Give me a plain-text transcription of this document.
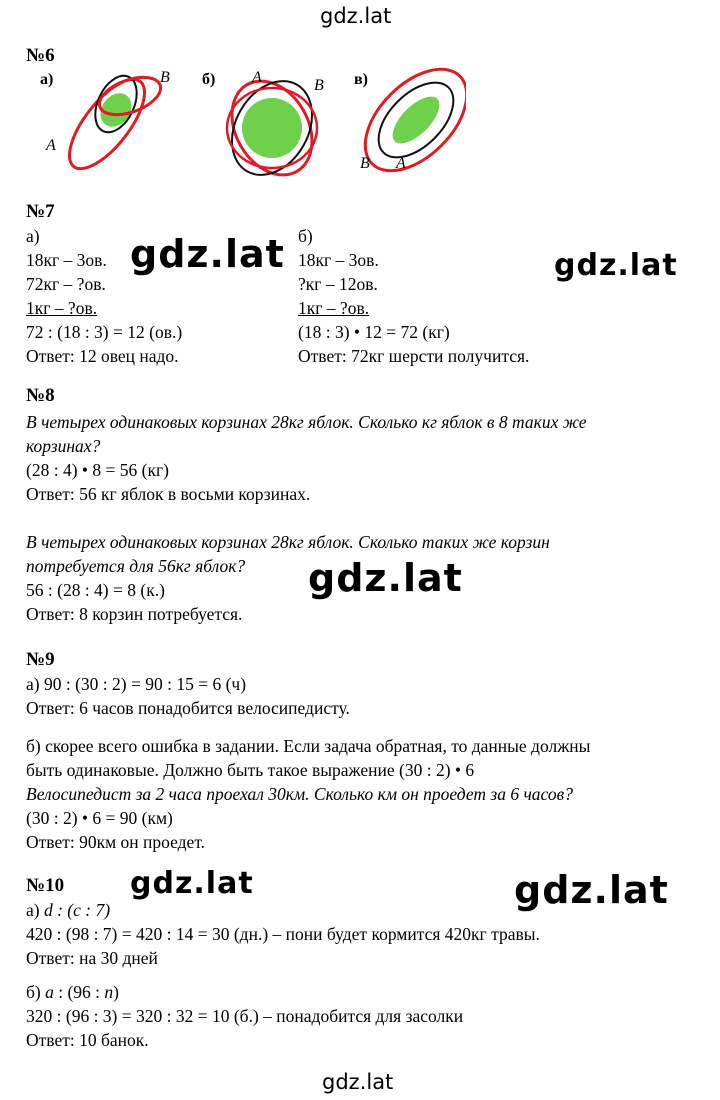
gdz.lat
gdz.lat
№6
а)
A
B б) A	B в)
B A
№7
а)
18кг – 3ов.
72кг – ?ов.
1кг – ?ов.
72 : (18 : 3) = 12 (ов.)
Ответ: 12 овец надо.
б)
18кг – 3ов.
?кг – 12ов.
1кг – ?ов.
(18 : 3) • 12 = 72 (кг)
Ответ: 72кг шерсти получится.
gdz.lat	gdz.lat
№8
В четырех одинаковых корзинах 28кг яблок. Сколько кг яблок в 8 таких же
корзинах?
(28 : 4) • 8 = 56 (кг)
Ответ: 56 кг яблок в восьми корзинах.
В четырех одинаковых корзинах 28кг яблок. Сколько таких же корзин
потребуется для 56кг яблок?
56 : (28 : 4) = 8 (к.)
Ответ: 8 корзин потребуется.
gdz.lat
№9
а) 90 : (30 : 2) = 90 : 15 = 6 (ч)
Ответ: 6 часов понадобится велосипедисту.
б) скорее всего ошибка в задании. Если задача обратная, то данные должны
быть одинаковые. Должно быть такое выражение (30 : 2) • 6
Велосипедист за 2 часа проехал 30км. Сколько км он проедет за 6 часов?
(30 : 2) • 6 = 90 (км)
Ответ: 90км он проедет.
№10
а) d : (c : 7)
420 : (98 : 7) = 420 : 14 = 30 (дн.) – пони будет кормится 420кг травы.
Ответ: на 30 дней
б) a : (96 : n)
320 : (96 : 3) = 320 : 32 = 10 (б.) – понадобится для засолки
Ответ: 10 банок.
gdz.lat	gdz.lat
